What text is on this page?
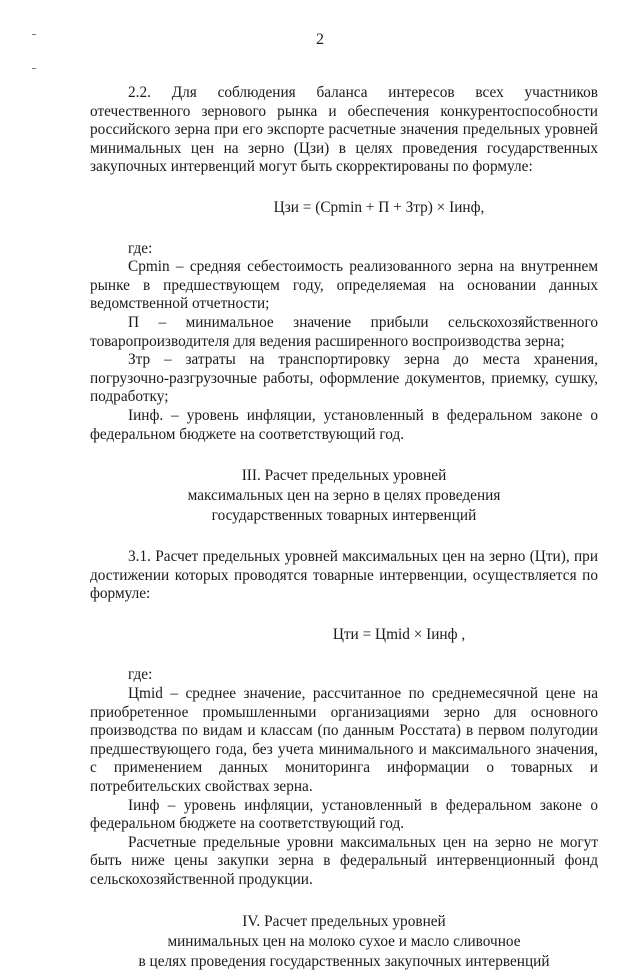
2

2.2. Для соблюдения баланса интересов всех участников отечественного зернового рынка и обеспечения конкурентоспособности российского зерна при его экспорте расчетные значения предельных уровней минимальных цен на зерно (Цзи) в целях проведения государственных закупочных интервенций могут быть скорректированы по формуле:

Цзи = (Срmin + П + Зтр) × Iинф,

где:

Срmin – средняя себестоимость реализованного зерна на внутреннем рынке в предшествующем году, определяемая на основании данных ведомственной отчетности;

П – минимальное значение прибыли сельскохозяйственного товаропроизводителя для ведения расширенного воспроизводства зерна;

Зтр – затраты на транспортировку зерна до места хранения, погрузочно-разгрузочные работы, оформление документов, приемку, сушку, подработку;

Iинф. – уровень инфляции, установленный в федеральном законе о федеральном бюджете на соответствующий год.

III. Расчет предельных уровней

максимальных цен на зерно в целях проведения

государственных товарных интервенций

3.1. Расчет предельных уровней максимальных цен на зерно (Цти), при достижении которых проводятся товарные интервенции, осуществляется по формуле:

Цти = Цmid × Iинф ,

где:

Цmid – среднее значение, рассчитанное по среднемесячной цене на приобретенное промышленными организациями зерно для основного производства по видам и классам (по данным Росстата) в первом полугодии предшествующего года, без учета минимального и максимального значения, с применением данных мониторинга информации о товарных и потребительских свойствах зерна.

Iинф – уровень инфляции, установленный в федеральном законе о федеральном бюджете на соответствующий год.

Расчетные предельные уровни максимальных цен на зерно не могут быть ниже цены закупки зерна в федеральный интервенционный фонд сельскохозяйственной продукции.

IV. Расчет предельных уровней

минимальных цен на молоко сухое и масло сливочное

в целях проведения государственных закупочных интервенций
